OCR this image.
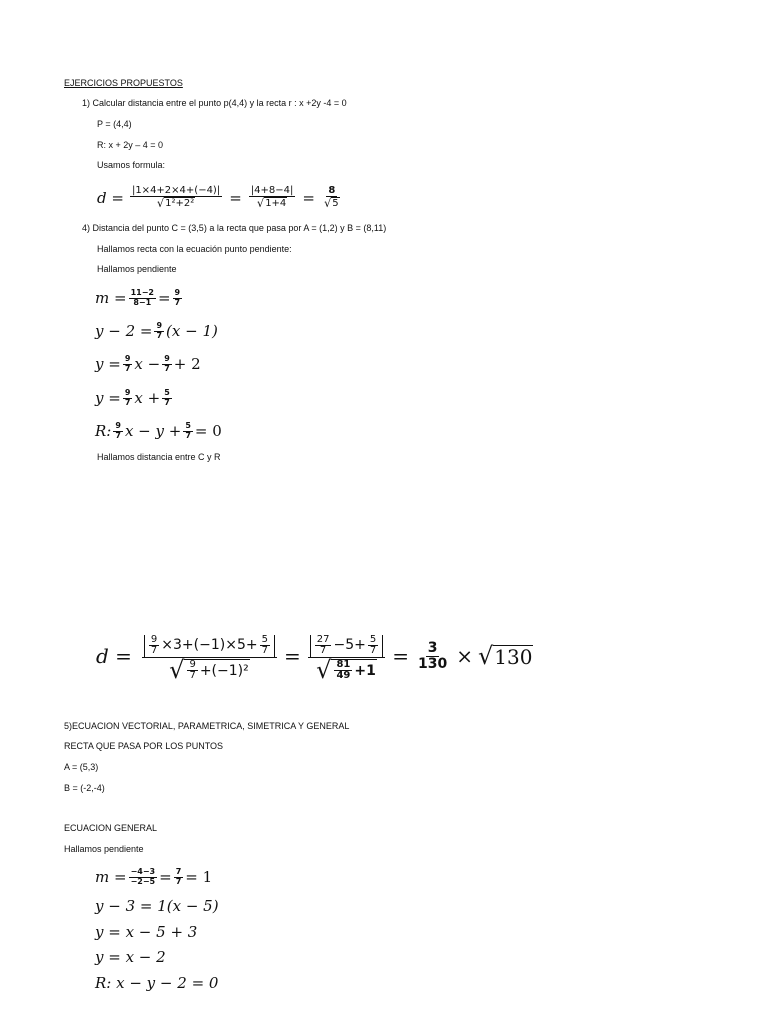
EJERCICIOS PROPUESTOS
1) Calcular distancia entre el punto p(4,4) y la recta r : x +2y -4 = 0
P = (4,4)
R: x + 2y – 4 = 0
Usamos formula:
$d = \frac{|1\times 4+2\times 4+(-4)|}{\text{√ 1²+2²}} = \frac{|4+8-4|}{√ 1+4} = \frac{8}{√ 5}$
4) Distancia del punto C = (3,5) a la recta que pasa por A = (1,2) y B = (8,11)
Hallamos recta con la ecuación punto pendiente:
Hallamos pendiente
$m = \frac{11-2}{8-1} = \frac{9}{7}$
$y - 2 = \frac{9}{7} (x - 1)$
$y = \frac{9}{7}$ $x - \frac{9}{7} + 2$
$y = \frac{9}{7}$ $x + \frac{5}{7}$
R: $\frac{9}{7}$ $x - y + \frac{5}{7} = 0$
Hallamos distancia entre C y R
$d = \frac{\frac{9}{7} \times 3+(-1)\times 5+ \frac{5}{7}}{√ \frac{9}{7} +(-1)^2} = \frac{\frac{27}{7} -5+ \frac{5}{7}}{√ \frac{81}{49} +1} = \frac{3}{130}$ × √ 130
5)ECUACION VECTORIAL, PARAMETRICA, SIMETRICA Y GENERAL
RECTA QUE PASA POR LOS PUNTOS
A = (5,3)
B = (-2,-4)
ECUACION GENERAL
Hallamos pendiente
$m = \frac{-4-3}{-2-5} = \frac{7}{7} = 1$
y − 3 = 1(x − 5)
y = x − 5 + 3
y = x − 2
R: x − y − 2 = 0
